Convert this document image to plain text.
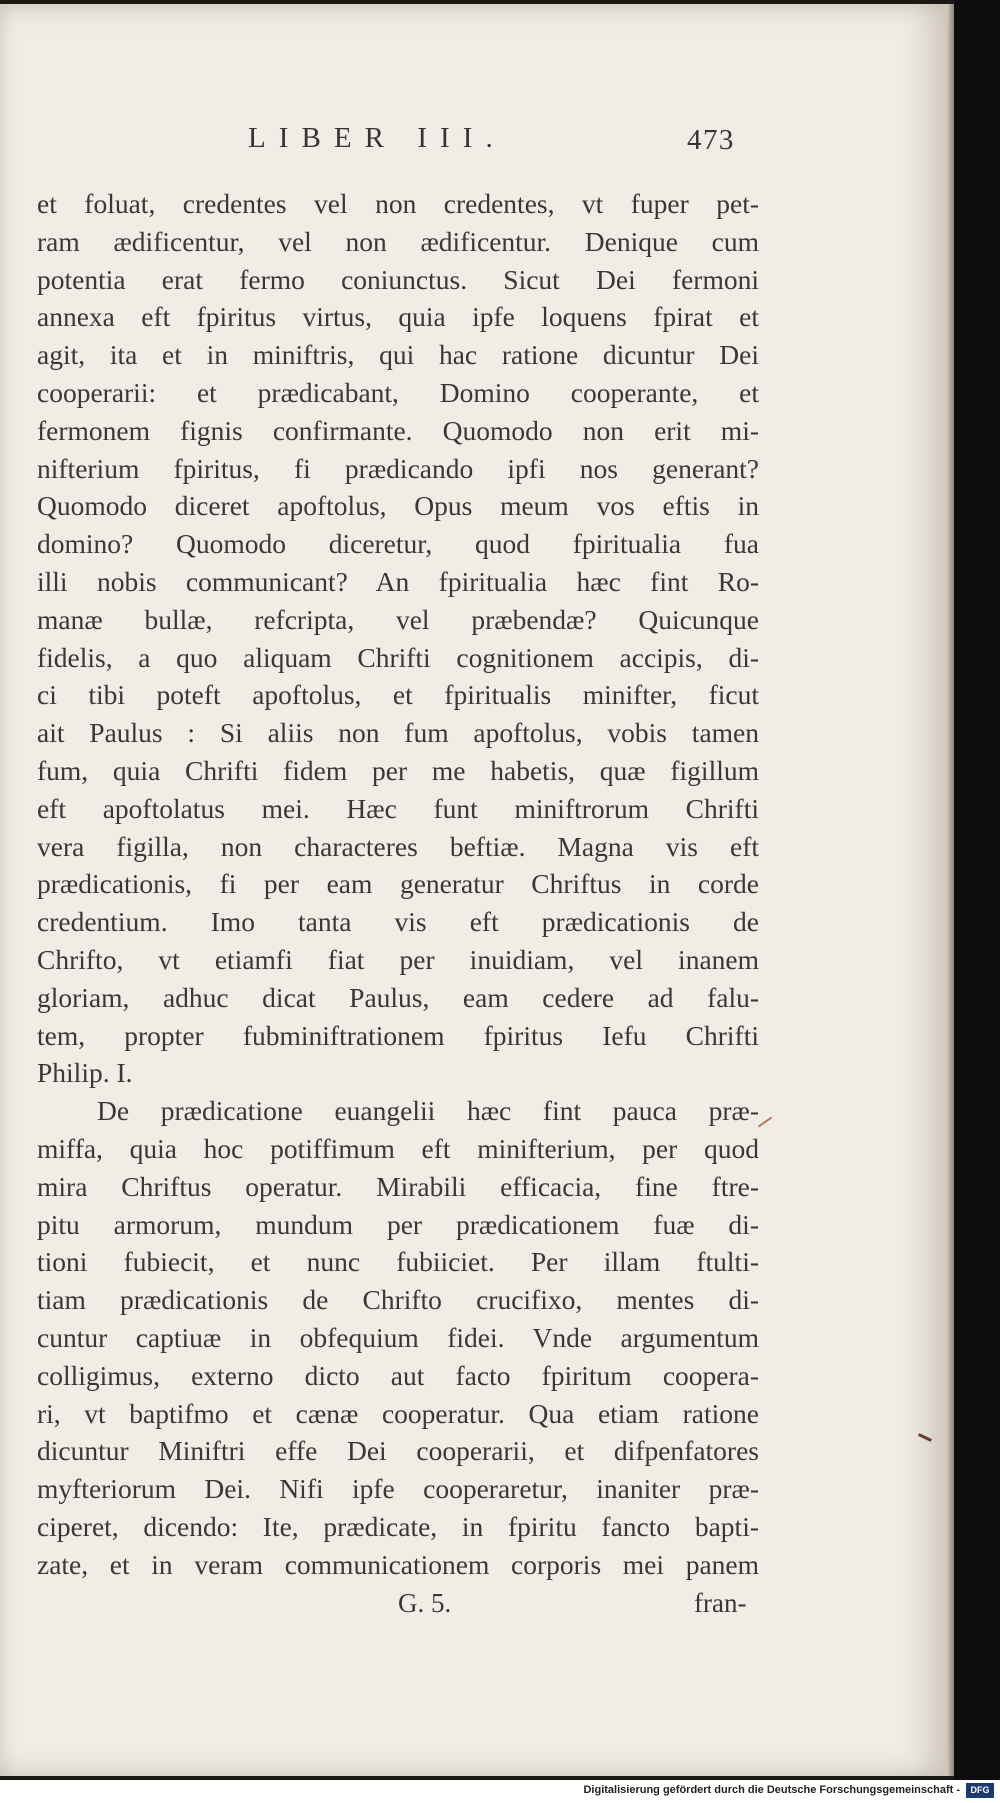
LIBER III.	473
et foluat, credentes vel non credentes, vt fuper pet-
ram ædificentur, vel non ædificentur. Denique cum
potentia erat fermo coniunctus. Sicut Dei fermoni
annexa eft fpiritus virtus, quia ipfe loquens fpirat et
agit, ita et in miniftris, qui hac ratione dicuntur Dei
cooperarii: et prædicabant, Domino cooperante, et
fermonem fignis confirmante. Quomodo non erit mi-
nifterium fpiritus, fi prædicando ipfi nos generant?
Quomodo diceret apoftolus, Opus meum vos eftis in
domino? Quomodo diceretur, quod fpiritualia fua
illi nobis communicant? An fpiritualia hæc fint Ro-
manæ bullæ, refcripta, vel præbendæ? Quicunque
fidelis, a quo aliquam Chrifti cognitionem accipis, di-
ci tibi poteft apoftolus, et fpiritualis minifter, ficut
ait Paulus : Si aliis non fum apoftolus, vobis tamen
fum, quia Chrifti fidem per me habetis, quæ figillum
eft apoftolatus mei. Hæc funt miniftrorum Chrifti
vera figilla, non characteres beftiæ. Magna vis eft
prædicationis, fi per eam generatur Chriftus in corde
credentium. Imo tanta vis eft prædicationis de
Chrifto, vt etiamfi fiat per inuidiam, vel inanem
gloriam, adhuc dicat Paulus, eam cedere ad falu-
tem, propter fubminiftrationem fpiritus Iefu Chrifti
Philip. I.
De prædicatione euangelii hæc fint pauca præ-
miffa, quia hoc potiffimum eft minifterium, per quod
mira Chriftus operatur. Mirabili efficacia, fine ftre-
pitu armorum, mundum per prædicationem fuæ di-
tioni fubiecit, et nunc fubiiciet. Per illam ftulti-
tiam prædicationis de Chrifto crucifixo, mentes di-
cuntur captiuæ in obfequium fidei. Vnde argumentum
colligimus, externo dicto aut facto fpiritum coopera-
ri, vt baptifmo et cænæ cooperatur. Qua etiam ratione
dicuntur Miniftri effe Dei cooperarii, et difpenfatores
myfteriorum Dei. Nifi ipfe cooperaretur, inaniter præ-
ciperet, dicendo: Ite, prædicate, in fpiritu fancto bapti-
zate, et in veram communicationem corporis mei panem
G. 5.	fran-
Digitalisierung gefördert durch die Deutsche Forschungsgemeinschaft -	DFG
